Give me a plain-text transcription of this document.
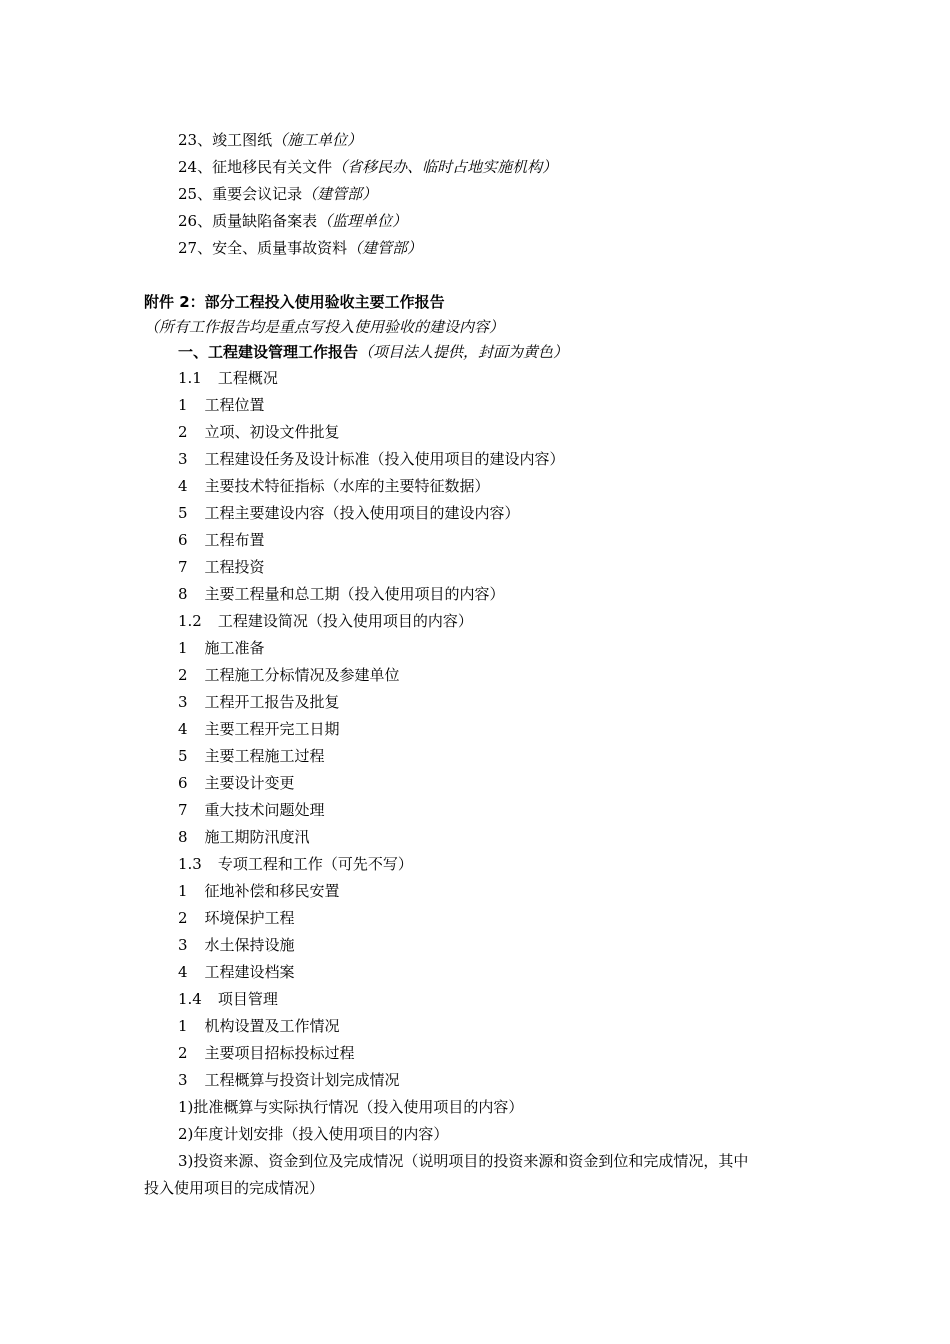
23、竣工图纸（施工单位）
24、征地移民有关文件（省移民办、临时占地实施机构）
25、重要会议记录（建管部）
26、质量缺陷备案表（监理单位）
27、安全、质量事故资料（建管部）
附件 2：部分工程投入使用验收主要工作报告
（所有工作报告均是重点写投入使用验收的建设内容）
一、工程建设管理工作报告（项目法人提供，封面为黄色）
1.1 工程概况
1 工程位置
2 立项、初设文件批复
3 工程建设任务及设计标准（投入使用项目的建设内容）
4 主要技术特征指标（水库的主要特征数据）
5 工程主要建设内容（投入使用项目的建设内容）
6 工程布置
7 工程投资
8 主要工程量和总工期（投入使用项目的内容）
1.2 工程建设简况（投入使用项目的内容）
1 施工准备
2 工程施工分标情况及参建单位
3 工程开工报告及批复
4 主要工程开完工日期
5 主要工程施工过程
6 主要设计变更
7 重大技术问题处理
8 施工期防汛度汛
1.3 专项工程和工作（可先不写）
1 征地补偿和移民安置
2 环境保护工程
3 水土保持设施
4 工程建设档案
1.4 项目管理
1 机构设置及工作情况
2 主要项目招标投标过程
3 工程概算与投资计划完成情况
1)批准概算与实际执行情况（投入使用项目的内容）
2)年度计划安排（投入使用项目的内容）
3)投资来源、资金到位及完成情况（说明项目的投资来源和资金到位和完成情况，其中
投入使用项目的完成情况）
